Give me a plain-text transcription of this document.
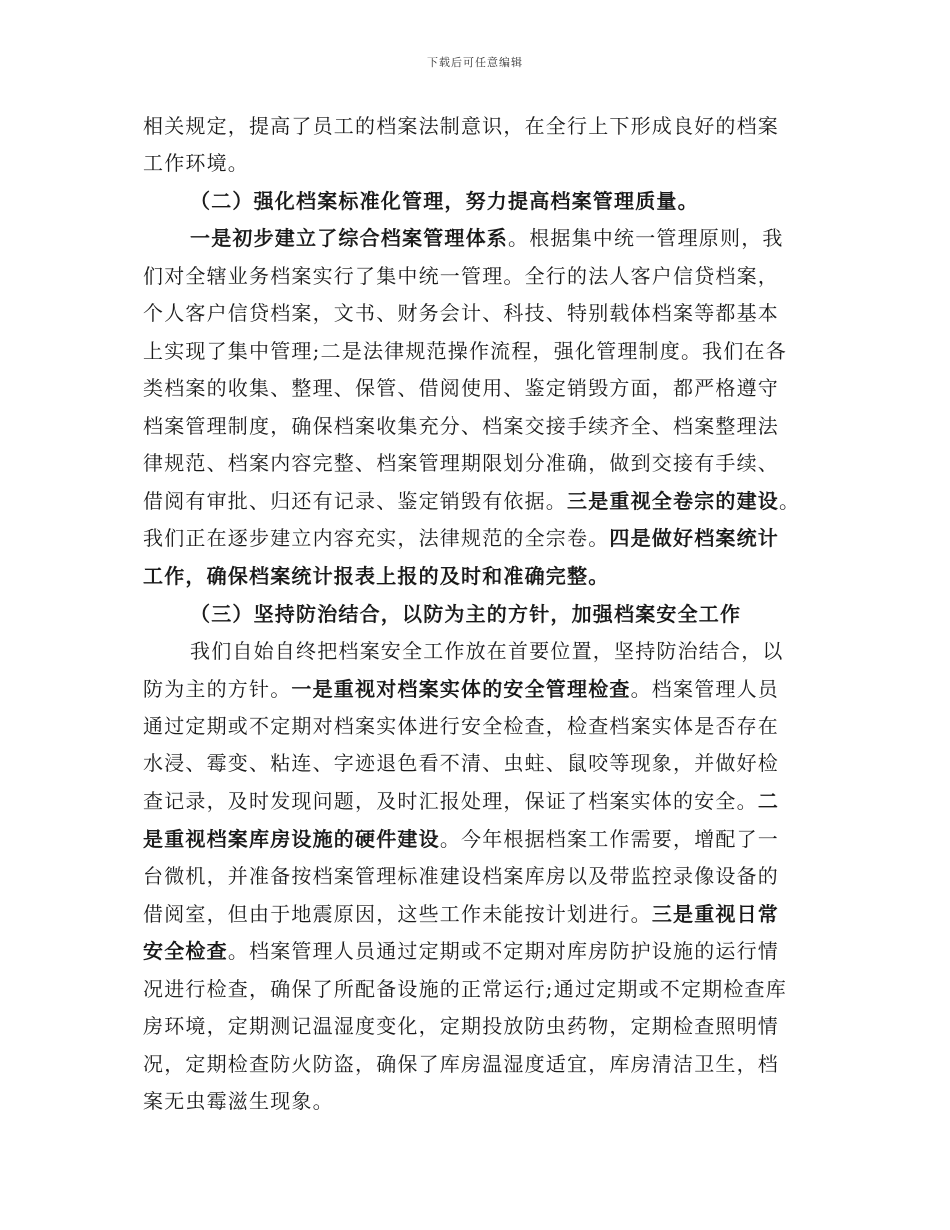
下载后可任意编辑
相关规定，提高了员工的档案法制意识，在全行上下形成良好的档案
工作环境。
（二）强化档案标准化管理，努力提高档案管理质量。
一是初步建立了综合档案管理体系。根据集中统一管理原则，我
们对全辖业务档案实行了集中统一管理。全行的法人客户信贷档案，
个人客户信贷档案，文书、财务会计、科技、特别载体档案等都基本
上实现了集中管理;二是法律规范操作流程，强化管理制度。我们在各
类档案的收集、整理、保管、借阅使用、鉴定销毁方面，都严格遵守
档案管理制度，确保档案收集充分、档案交接手续齐全、档案整理法
律规范、档案内容完整、档案管理期限划分准确，做到交接有手续、
借阅有审批、归还有记录、鉴定销毁有依据。三是重视全卷宗的建设。
我们正在逐步建立内容充实，法律规范的全宗卷。四是做好档案统计
工作，确保档案统计报表上报的及时和准确完整。
（三）坚持防治结合，以防为主的方针，加强档案安全工作
我们自始自终把档案安全工作放在首要位置，坚持防治结合，以
防为主的方针。一是重视对档案实体的安全管理检查。档案管理人员
通过定期或不定期对档案实体进行安全检查，检查档案实体是否存在
水浸、霉变、粘连、字迹退色看不清、虫蛀、鼠咬等现象，并做好检
查记录，及时发现问题，及时汇报处理，保证了档案实体的安全。二
是重视档案库房设施的硬件建设。今年根据档案工作需要，增配了一
台微机，并准备按档案管理标准建设档案库房以及带监控录像设备的
借阅室，但由于地震原因，这些工作未能按计划进行。三是重视日常
安全检查。档案管理人员通过定期或不定期对库房防护设施的运行情
况进行检查，确保了所配备设施的正常运行;通过定期或不定期检查库
房环境，定期测记温湿度变化，定期投放防虫药物，定期检查照明情
况，定期检查防火防盗，确保了库房温湿度适宜，库房清洁卫生，档
案无虫霉滋生现象。
